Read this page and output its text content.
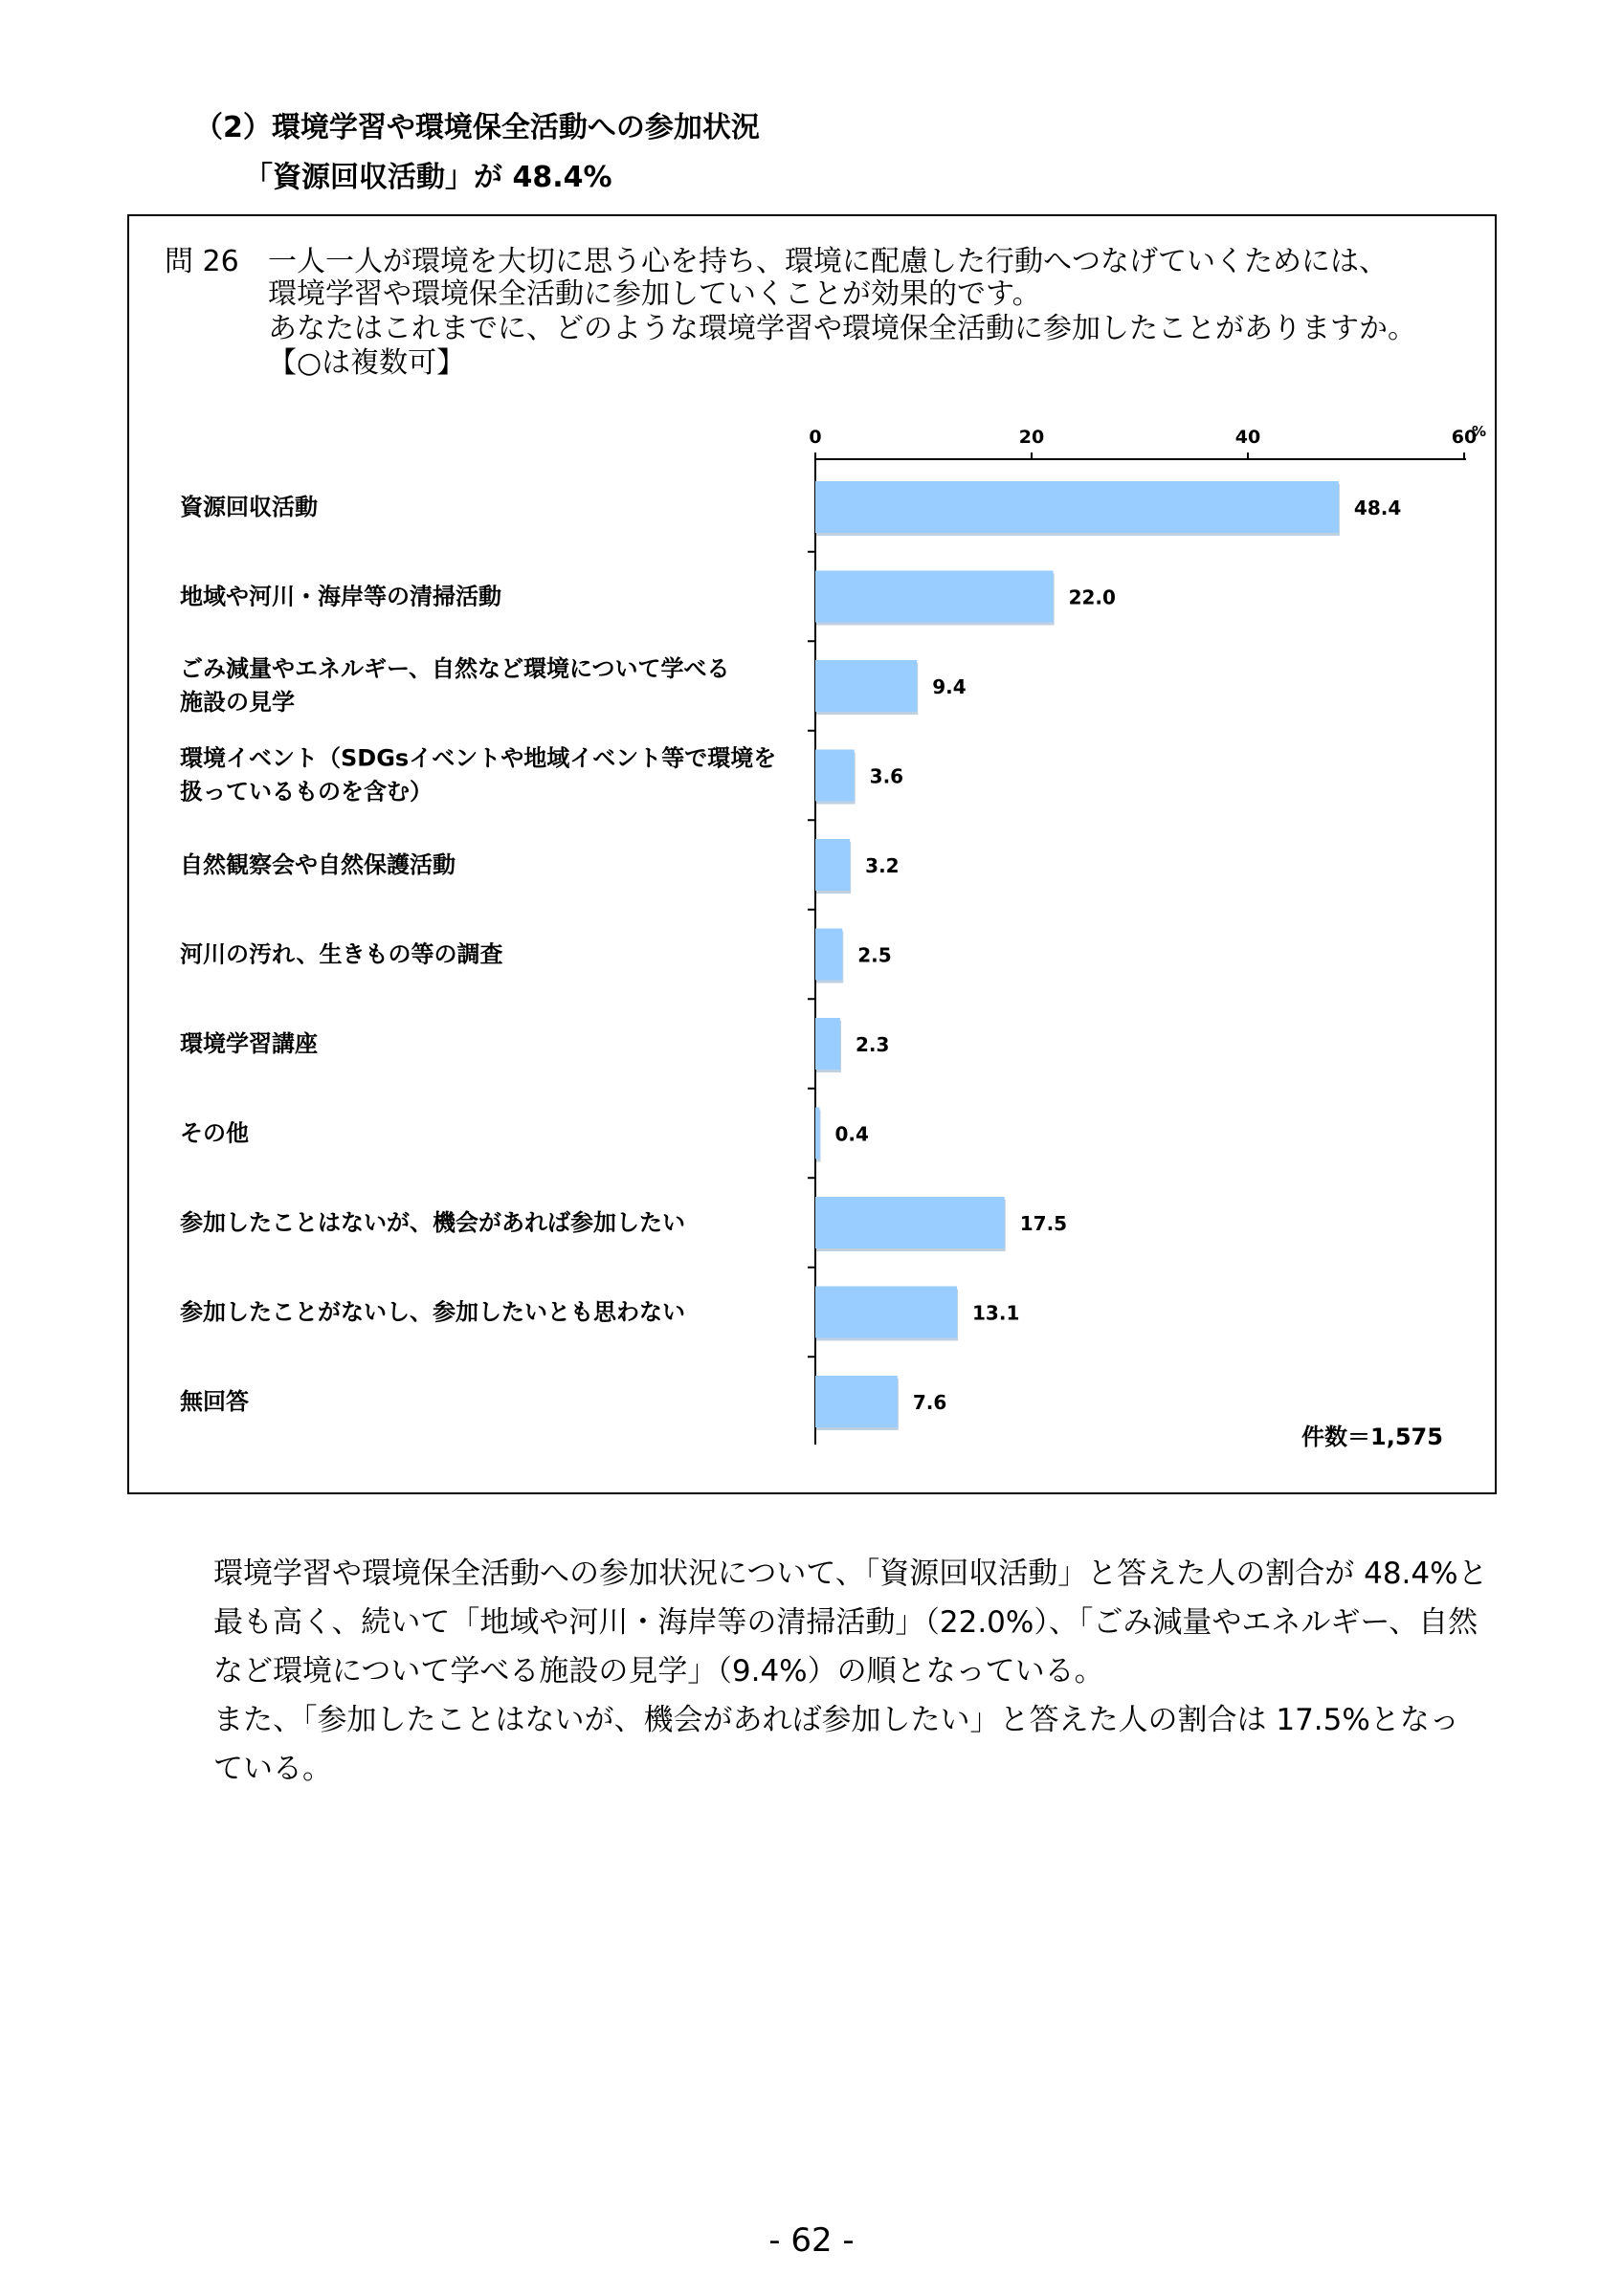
（2）環境学習や環境保全活動への参加状況
「資源回収活動」が 48.4%
問 26 一人一人が環境を大切に思う心を持ち、環境に配慮した行動へつなげていくためには、
環境学習や環境保全活動に参加していくことが効果的です。
あなたはこれまでに、どのような環境学習や環境保全活動に参加したことがありますか。
【○は複数可】
0	20	40	60
%
48.4
資源回収活動
22.0
地域や河川・海岸等の清掃活動
9.4
ごみ減量やエネルギー、自然など環境について学べる
施設の見学
3.6
環境イベント（SDGsイベントや地域イベント等で環境を
扱っているものを含む）
3.2
自然観察会や自然保護活動
2.5
河川の汚れ、生きもの等の調査
2.3
環境学習講座
0.4
その他
17.5
参加したことはないが、機会があれば参加したい
13.1
参加したことがないし、参加したいとも思わない
7.6
無回答
件数＝1,575

環境学習や環境保全活動への参加状況について、「資源回収活動」と答えた人の割合が 48.4%と最も高く、続いて「地域や河川・海岸等の清掃活動」（22.0%）、「ごみ減量やエネルギー、自然など環境について学べる施設の見学」（9.4%）の順となっている。

また、「参加したことはないが、機会があれば参加したい」と答えた人の割合は 17.5%となっている。

- 62 -
